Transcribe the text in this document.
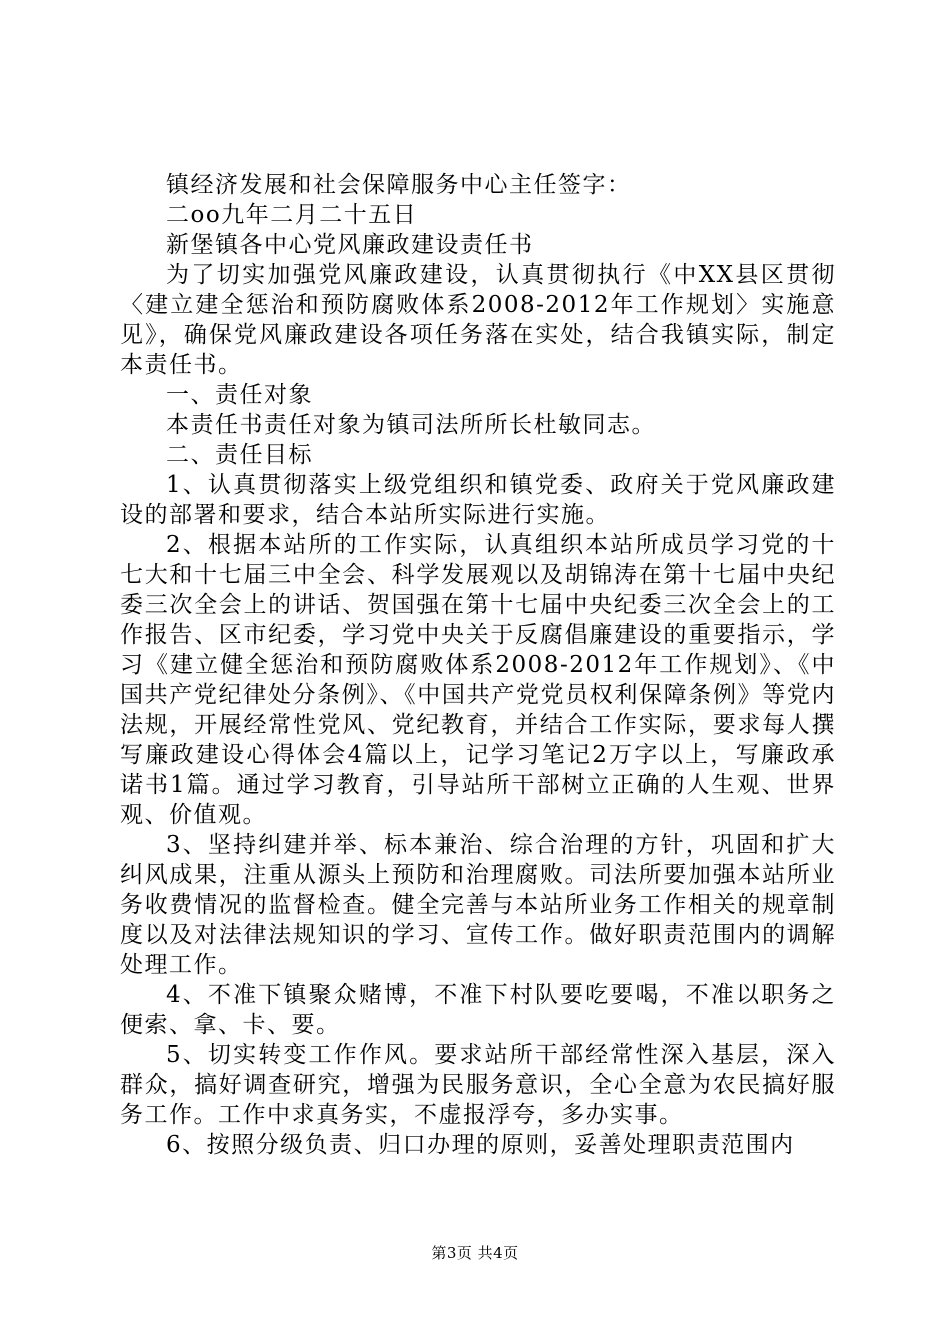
镇经济发展和社会保障服务中心主任签字：

二oo九年二月二十五日

新堡镇各中心党风廉政建设责任书

为了切实加强党风廉政建设，认真贯彻执行《中XX县区贯彻〈建立建全惩治和预防腐败体系2008-2012年工作规划〉实施意见》，确保党风廉政建设各项任务落在实处，结合我镇实际，制定本责任书。

一、责任对象

本责任书责任对象为镇司法所所长杜敏同志。

二、责任目标

1、认真贯彻落实上级党组织和镇党委、政府关于党风廉政建设的部署和要求，结合本站所实际进行实施。

2、根据本站所的工作实际，认真组织本站所成员学习党的十七大和十七届三中全会、科学发展观以及胡锦涛在第十七届中央纪委三次全会上的讲话、贺国强在第十七届中央纪委三次全会上的工作报告、区市纪委，学习党中央关于反腐倡廉建设的重要指示，学习《建立健全惩治和预防腐败体系2008-2012年工作规划》、《中国共产党纪律处分条例》、《中国共产党党员权利保障条例》等党内法规，开展经常性党风、党纪教育，并结合工作实际，要求每人撰写廉政建设心得体会4篇以上，记学习笔记2万字以上，写廉政承诺书1篇。通过学习教育，引导站所干部树立正确的人生观、世界观、价值观。

3、坚持纠建并举、标本兼治、综合治理的方针，巩固和扩大纠风成果，注重从源头上预防和治理腐败。司法所要加强本站所业务收费情况的监督检查。健全完善与本站所业务工作相关的规章制度以及对法律法规知识的学习、宣传工作。做好职责范围内的调解处理工作。

4、不准下镇聚众赌博，不准下村队要吃要喝，不准以职务之便索、拿、卡、要。

5、切实转变工作作风。要求站所干部经常性深入基层，深入群众，搞好调查研究，增强为民服务意识，全心全意为农民搞好服务工作。工作中求真务实，不虚报浮夸，多办实事。

6、按照分级负责、归口办理的原则，妥善处理职责范围内

第3页 共4页
